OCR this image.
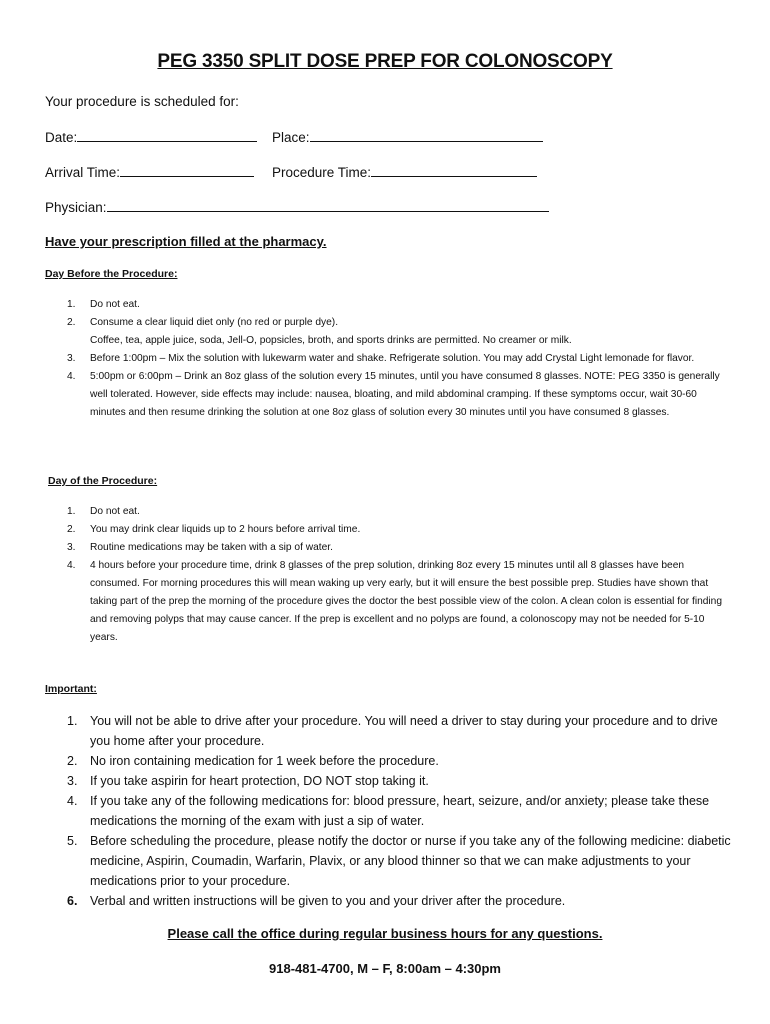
PEG 3350 SPLIT DOSE PREP FOR COLONOSCOPY
Your procedure is scheduled for:
Date:	Place:
Arrival Time:	Procedure Time:
Physician:
Have your prescription filled at the pharmacy.
Day Before the Procedure:
1. Do not eat.
2. Consume a clear liquid diet only (no red or purple dye).
Coffee, tea, apple juice, soda, Jell-O, popsicles, broth, and sports drinks are permitted. No creamer or milk.
3. Before 1:00pm – Mix the solution with lukewarm water and shake. Refrigerate solution. You may add Crystal Light lemonade for flavor.
4. 5:00pm or 6:00pm – Drink an 8oz glass of the solution every 15 minutes, until you have consumed 8 glasses. NOTE: PEG 3350 is generally well tolerated. However, side effects may include: nausea, bloating, and mild abdominal cramping. If these symptoms occur, wait 30-60 minutes and then resume drinking the solution at one 8oz glass of solution every 30 minutes until you have consumed 8 glasses.
Day of the Procedure:
1. Do not eat.
2. You may drink clear liquids up to 2 hours before arrival time.
3. Routine medications may be taken with a sip of water.
4. 4 hours before your procedure time, drink 8 glasses of the prep solution, drinking 8oz every 15 minutes until all 8 glasses have been consumed. For morning procedures this will mean waking up very early, but it will ensure the best possible prep. Studies have shown that taking part of the prep the morning of the procedure gives the doctor the best possible view of the colon. A clean colon is essential for finding and removing polyps that may cause cancer. If the prep is excellent and no polyps are found, a colonoscopy may not be needed for 5-10 years.
Important:
1. You will not be able to drive after your procedure. You will need a driver to stay during your procedure and to drive you home after your procedure.
2. No iron containing medication for 1 week before the procedure.
3. If you take aspirin for heart protection, DO NOT stop taking it.
4. If you take any of the following medications for: blood pressure, heart, seizure, and/or anxiety; please take these medications the morning of the exam with just a sip of water.
5. Before scheduling the procedure, please notify the doctor or nurse if you take any of the following medicine: diabetic medicine, Aspirin, Coumadin, Warfarin, Plavix, or any blood thinner so that we can make adjustments to your medications prior to your procedure.
6. Verbal and written instructions will be given to you and your driver after the procedure.
Please call the office during regular business hours for any questions.
918-481-4700, M – F, 8:00am – 4:30pm
